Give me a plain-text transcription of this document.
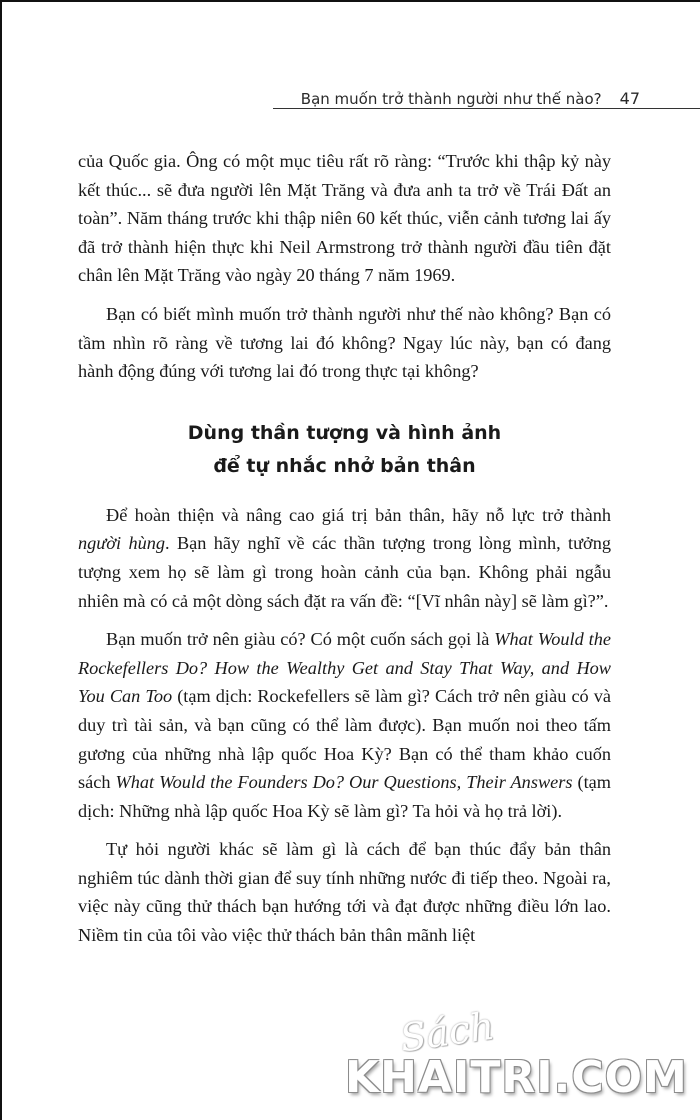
Bạn muốn trở thành người như thế nào? 47

của Quốc gia. Ông có một mục tiêu rất rõ ràng: “Trước khi thập kỷ này kết thúc... sẽ đưa người lên Mặt Trăng và đưa anh ta trở về Trái Đất an toàn”. Năm tháng trước khi thập niên 60 kết thúc, viễn cảnh tương lai ấy đã trở thành hiện thực khi Neil Armstrong trở thành người đầu tiên đặt chân lên Mặt Trăng vào ngày 20 tháng 7 năm 1969.

Bạn có biết mình muốn trở thành người như thế nào không? Bạn có tầm nhìn rõ ràng về tương lai đó không? Ngay lúc này, bạn có đang hành động đúng với tương lai đó trong thực tại không?

Dùng thần tượng và hình ảnh
để tự nhắc nhở bản thân

Để hoàn thiện và nâng cao giá trị bản thân, hãy nỗ lực trở thành người hùng. Bạn hãy nghĩ về các thần tượng trong lòng mình, tưởng tượng xem họ sẽ làm gì trong hoàn cảnh của bạn. Không phải ngẫu nhiên mà có cả một dòng sách đặt ra vấn đề: “[Vĩ nhân này] sẽ làm gì?”.

Bạn muốn trở nên giàu có? Có một cuốn sách gọi là What Would the Rockefellers Do? How the Wealthy Get and Stay That Way, and How You Can Too (tạm dịch: Rockefellers sẽ làm gì? Cách trở nên giàu có và duy trì tài sản, và bạn cũng có thể làm được). Bạn muốn noi theo tấm gương của những nhà lập quốc Hoa Kỳ? Bạn có thể tham khảo cuốn sách What Would the Founders Do? Our Questions, Their Answers (tạm dịch: Những nhà lập quốc Hoa Kỳ sẽ làm gì? Ta hỏi và họ trả lời).

Tự hỏi người khác sẽ làm gì là cách để bạn thúc đẩy bản thân nghiêm túc dành thời gian để suy tính những nước đi tiếp theo. Ngoài ra, việc này cũng thử thách bạn hướng tới và đạt được những điều lớn lao. Niềm tin của tôi vào việc thử thách bản thân mãnh liệt

Sách
KHAITRI.COM
